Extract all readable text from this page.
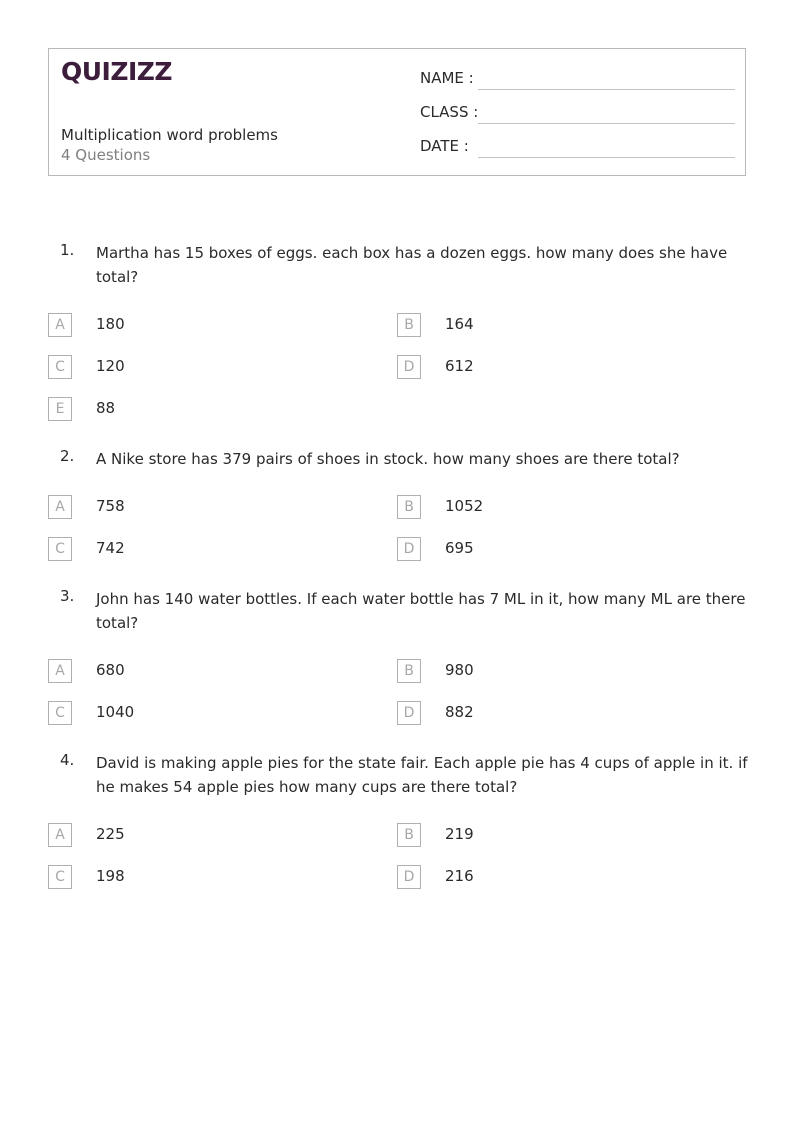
QUIZIZZ
Multiplication word problems
4 Questions
NAME :
CLASS :
DATE :
1. Martha has 15 boxes of eggs. each box has a dozen eggs. how many does she have total?
A	180	B	164
C	120	D	612
E	88
2. A Nike store has 379 pairs of shoes in stock. how many shoes are there total?
A	758	B	1052
C	742	D	695
3. John has 140 water bottles. If each water bottle has 7 ML in it, how many ML are there total?
A	680	B	980
C	1040	D	882
4. David is making apple pies for the state fair. Each apple pie has 4 cups of apple in it. if he makes 54 apple pies how many cups are there total?
A	225	B	219
C	198	D	216
